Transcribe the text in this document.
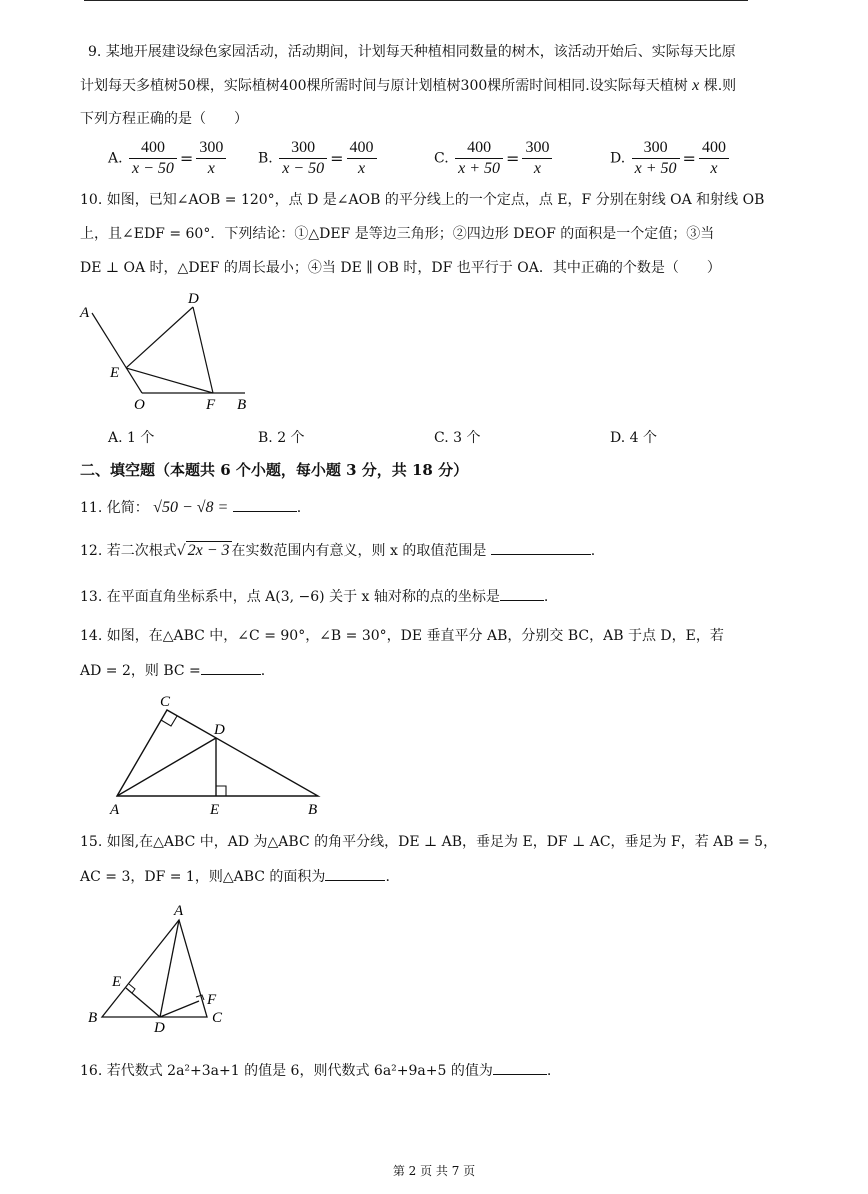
9. 某地开展建设绿色家园活动，活动期间，计划每天种植相同数量的树木，该活动开始后、实际每天比原
计划每天多植树50棵，实际植树400棵所需时间与原计划植树300棵所需时间相同.设实际每天植树 x 棵.则
下列方程正确的是（　　）
A. $\frac{400}{x - 50} = \frac{300}{x} B$. $\frac{300}{x - 50} = \frac{400}{x}$	C. $\frac{400}{x + 50} = \frac{300}{x}$	D. $\frac{300}{x + 50} = \frac{400}{x}$
10. 如图，已知∠AOB = 120°，点 D 是∠AOB 的平分线上的一个定点，点 E，F 分别在射线 OA 和射线 OB
上，且∠EDF = 60°．下列结论：①△DEF 是等边三角形；②四边形 DEOF 的面积是一个定值；③当
DE ⊥ OA 时，△DEF 的周长最小；④当 DE ∥ OB 时，DF 也平行于 OA．其中正确的个数是（　　）
A
D
E
O	F B
A. 1 个	B. 2 个	C. 3 个	D. 4 个
二、填空题（本题共 6 个小题，每小题 3 分，共 18 分）
11. 化简： √50 − √8 =	.
12. 若二次根式√ 2x − 3 在实数范围内有意义，则 x 的取值范围是	.
13. 在平面直角坐标系中，点 A(3, −6) 关于 x 轴对称的点的坐标是	.
14. 如图，在△ABC 中，∠C = 90°，∠B = 30°，DE 垂直平分 AB，分别交 BC，AB 于点 D，E，若
AD = 2，则 BC =	.
C
D
A	E	B
15. 如图,在△ABC 中，AD 为△ABC 的角平分线，DE ⊥ AB，垂足为 E，DF ⊥ AC，垂足为 F，若 AB = 5，
AC = 3，DF = 1，则△ABC 的面积为	.
A
E
F
B
D
C
16. 若代数式 2a²+3a+1 的值是 6，则代数式 6a²+9a+5 的值为	.
第 2 页 共 7 页
